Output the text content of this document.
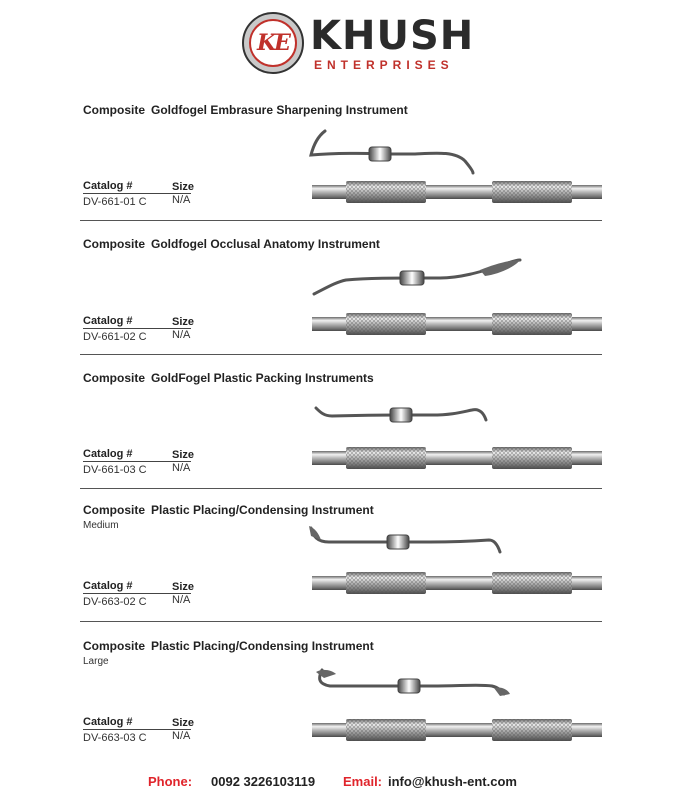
KE KHUSH
ENTERPRISES
Composite Goldfogel Embrasure Sharpening Instrument
Catalog #	Size
DV-661-01 C N/A
Composite Goldfogel Occlusal Anatomy Instrument
Catalog #	Size
DV-661-02 C N/A
Composite GoldFogel Plastic Packing Instruments
Catalog #	Size
DV-661-03 C N/A
Composite Plastic Placing/Condensing Instrument
Medium
Catalog #	Size
DV-663-02 C N/A
Composite Plastic Placing/Condensing Instrument
Large
Catalog #	Size
DV-663-03 C N/A
Phone: 0092 3226103119 Email: info@khush-ent.com
